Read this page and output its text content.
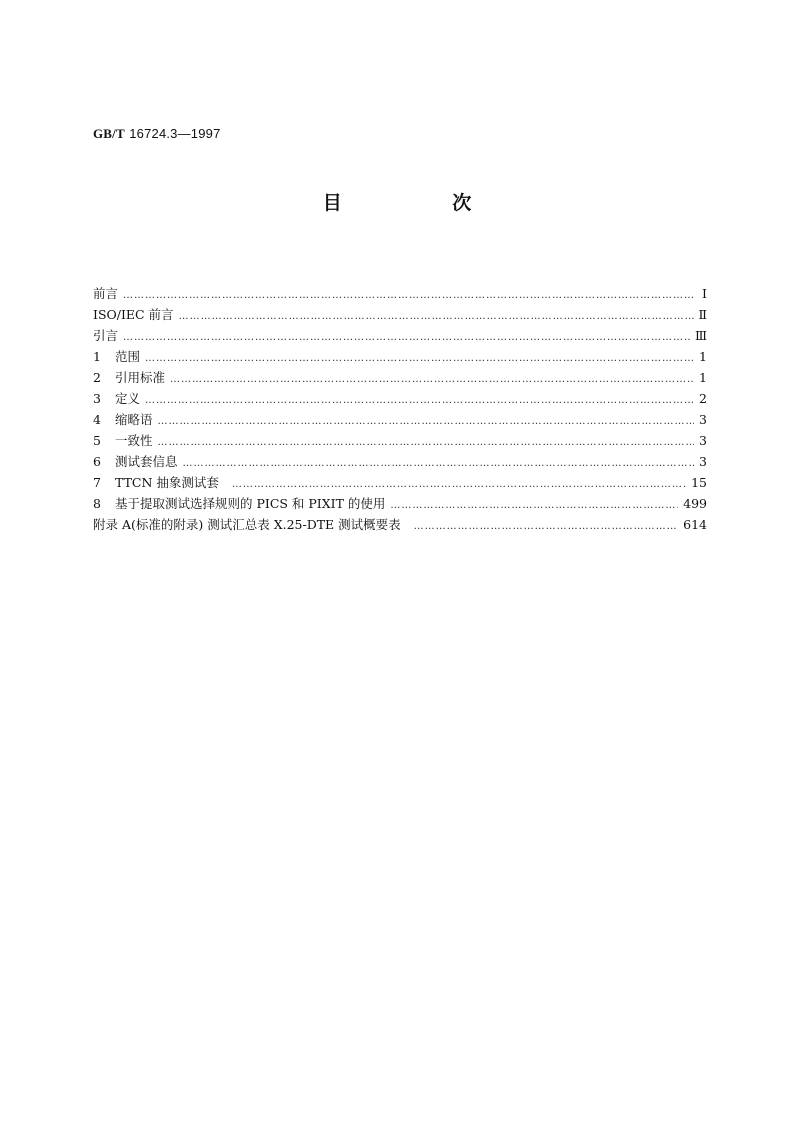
GB/T 16724.3—1997
目 次
前言 …………………………………………………………………………………………………………………………………………………………………………………………………………………………………………………………	I
ISO/IEC 前言 …………………………………………………………………………………………………………………………………………………………………………………………………………………………………………………………	Ⅱ
引言 …………………………………………………………………………………………………………………………………………………………………………………………………………………………………………………………	Ⅲ
1	范围 …………………………………………………………………………………………………………………………………………………………………………………………………………………………………………………………	1
2	引用标准 …………………………………………………………………………………………………………………………………………………………………………………………………………………………………………………………	1
3	定义 …………………………………………………………………………………………………………………………………………………………………………………………………………………………………………………………	2
4	缩略语 …………………………………………………………………………………………………………………………………………………………………………………………………………………………………………………………	3
5	一致性 …………………………………………………………………………………………………………………………………………………………………………………………………………………………………………………………	3
6	测试套信息 …………………………………………………………………………………………………………………………………………………………………………………………………………………………………………………………	3
7	TTCN 抽象测试套 …………………………………………………………………………………………………………………………………………………………………………………………………………………………………………………………	15
8	基于提取测试选择规则的 PICS 和 PIXIT 的使用 …………………………………………………………………………………………………………………………………………………………………………………………………………………………………………………………	499
附录 A(标准的附录) 测试汇总表 X.25-DTE 测试概要表 …………………………………………………………………………………………………………………………………………………………………………………………………………………………………………………………	614
